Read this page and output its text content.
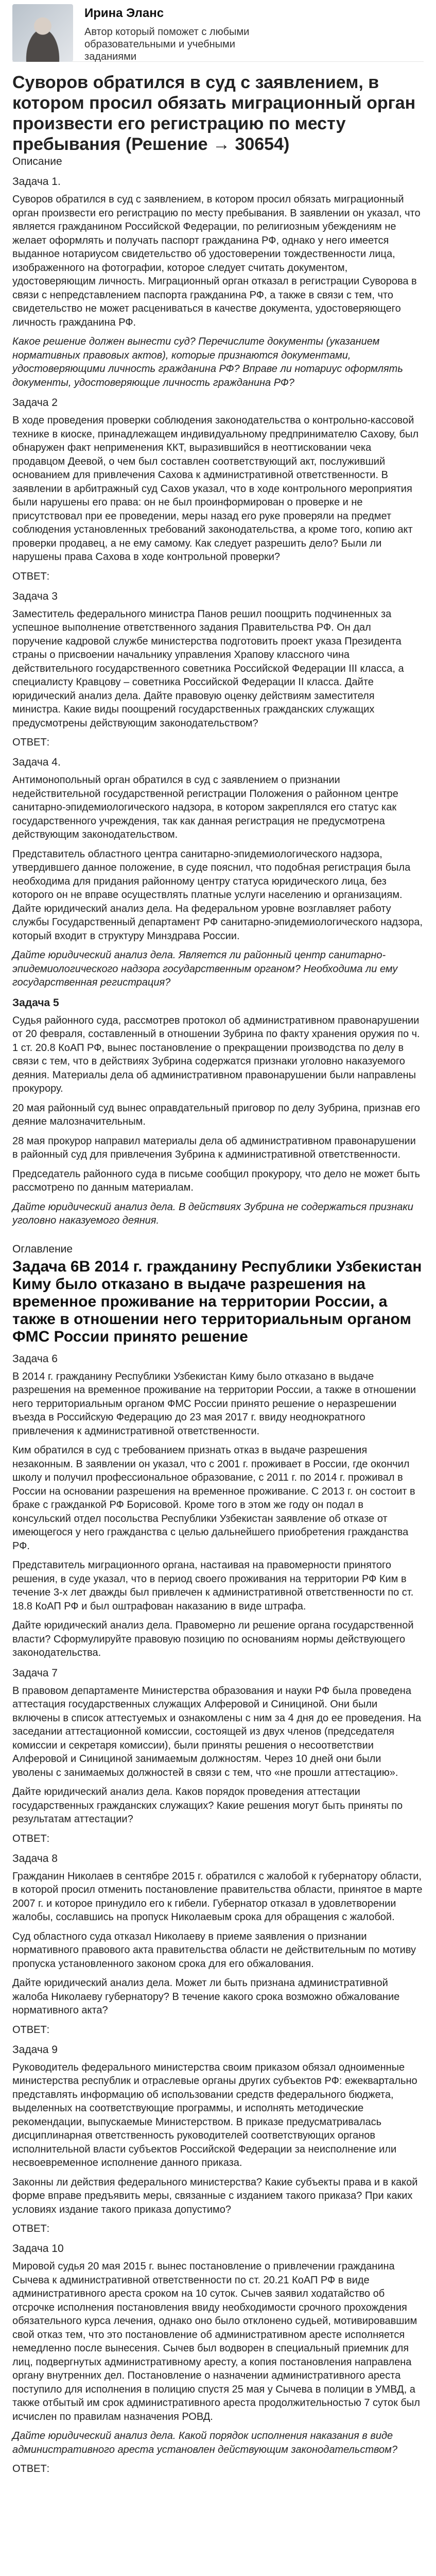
Ирина Эланс
Автор который поможет с любыми образовательными и учебными заданиями
Суворов обратился в суд с заявлением, в котором просил обязать миграционный орган произвести его регистрацию по месту пребывания (Решение → 30654)
Описание
Задача 1.

Суворов обратился в суд с заявлением, в котором просил обязать миграционный орган произвести его регистрацию по месту пребывания. В заявлении он указал, что является гражданином Российской Федерации, по религиозным убеждениям не желает оформлять и получать паспорт гражданина РФ, однако у него имеется выданное нотариусом свидетельство об удостоверении тождественности лица, изображенного на фотографии, которое следует считать документом, удостоверяющим личность. Миграционный орган отказал в регистрации Суворова в связи с непредставлением паспорта гражданина РФ, а также в связи с тем, что свидетельство не может расцениваться в качестве документа, удостоверяющего личность гражданина РФ.

Какое решение должен вынести суд? Перечислите документы (указанием нормативных правовых актов), которые признаются документами, удостоверяющими личность гражданина РФ? Вправе ли нотариус оформлять документы, удостоверяющие личность гражданина РФ?

Задача 2

В ходе проведения проверки соблюдения законодательства о контрольно-кассовой технике в киоске, принадлежащем индивидуальному предпринимателю Сахову, был обнаружен факт неприменения ККТ, выразившийся в неоттисковании чека продавцом Деевой, о чем был составлен соответствующий акт, послуживший основанием для привлечения Сахова к административной ответственности. В заявлении в арбитражный суд Сахов указал, что в ходе контрольного мероприятия были нарушены его права: он не был проинформирован о проверке и не присутствовал при ее проведении, меры назад его руке проверяли на предмет соблюдения установленных требований законодательства, а кроме того, копию акт проверки продавец, а не ему самому. Как следует разрешить дело? Были ли нарушены права Сахова в ходе контрольной проверки?

ОТВЕТ:
Задача 3

Заместитель федерального министра Панов решил поощрить подчиненных за успешное выполнение ответственного задания Правительства РФ. Он дал поручение кадровой службе министерства подготовить проект указа Президента страны о присвоении начальнику управления Храпову классного чина действительного государственного советника Российской Федерации III класса, а специалисту Кравцову – советника Российской Федерации II класса. Дайте юридический анализ дела. Дайте правовую оценку действиям заместителя министра. Какие виды поощрений государственных гражданских служащих предусмотрены действующим законодательством?

ОТВЕТ:
Задача 4.

Антимонопольный орган обратился в суд с заявлением о признании недействительной государственной регистрации Положения о районном центре санитарно-эпидемиологического надзора, в котором закреплялся его статус как государственного учреждения, так как данная регистрация не предусмотрена действующим законодательством.

Представитель областного центра санитарно-эпидемиологического надзора, утвердившего данное положение, в суде пояснил, что подобная регистрация была необходима для придания районному центру статуса юридического лица, без которого он не вправе осуществлять платные услуги населению и организациям. Дайте юридический анализ дела. На федеральном уровне возглавляет работу службы Государственный департамент РФ санитарно-эпидемиологического надзора, который входит в структуру Минздрава России.

Дайте юридический анализ дела. Является ли районный центр санитарно-эпидемиологического надзора государственным органом? Необходима ли ему государственная регистрация?

Задача 5

Судья районного суда, рассмотрев протокол об административном правонарушении от 20 февраля, составленный в отношении Зубрина по факту хранения оружия по ч. 1 ст. 20.8 КоАП РФ, вынес постановление о прекращении производства по делу в связи с тем, что в действиях Зубрина содержатся признаки уголовно наказуемого деяния. Материалы дела об административном правонарушении были направлены прокурору.

20 мая районный суд вынес оправдательный приговор по делу Зубрина, признав его деяние малозначительным.

28 мая прокурор направил материалы дела об административном правонарушении в районный суд для привлечения Зубрина к административной ответственности.

Председатель районного суда в письме сообщил прокурору, что дело не может быть рассмотрено по данным материалам.

Дайте юридический анализ дела. В действиях Зубрина не содержаться признаки уголовно наказуемого деяния.

Оглавление
Задача 6В 2014 г. гражданину Республики Узбекистан Киму было отказано в выдаче разрешения на временное проживание на территории России, а также в отношении него территориальным органом ФМС России принято решение
Задача 6

В 2014 г. гражданину Республики Узбекистан Киму было отказано в выдаче разрешения на временное проживание на территории России, а также в отношении него территориальным органом ФМС России принято решение о неразрешении въезда в Российскую Федерацию до 23 мая 2017 г. ввиду неоднократного привлечения к административной ответственности.

Ким обратился в суд с требованием признать отказ в выдаче разрешения незаконным. В заявлении он указал, что с 2001 г. проживает в России, где окончил школу и получил профессиональное образование, с 2011 г. по 2014 г. проживал в России на основании разрешения на временное проживание. С 2013 г. он состоит в браке с гражданкой РФ Борисовой. Кроме того в этом же году он подал в консульский отдел посольства Республики Узбекистан заявление об отказе от имеющегося у него гражданства с целью дальнейшего приобретения гражданства РФ.

Представитель миграционного органа, настаивая на правомерности принятого решения, в суде указал, что в период своего проживания на территории РФ Ким в течение 3-х лет дважды был привлечен к административной ответственности по ст. 18.8 КоАП РФ и был оштрафован наказанию в виде штрафа.

Дайте юридический анализ дела. Правомерно ли решение органа государственной власти? Сформулируйте правовую позицию по основаниям нормы действующего законодательства.

Задача 7

В правовом департаменте Министерства образования и науки РФ была проведена аттестация государственных служащих Алферовой и Синициной. Они были включены в список аттестуемых и ознакомлены с ним за 4 дня до ее проведения. На заседании аттестационной комиссии, состоящей из двух членов (председателя комиссии и секретаря комиссии), были приняты решения о несоответствии Алферовой и Синициной занимаемым должностям. Через 10 дней они были уволены с занимаемых должностей в связи с тем, что «не прошли аттестацию».

Дайте юридический анализ дела. Каков порядок проведения аттестации государственных гражданских служащих? Какие решения могут быть приняты по результатам аттестации?

ОТВЕТ:
Задача 8

Гражданин Николаев в сентябре 2015 г. обратился с жалобой к губернатору области, в которой просил отменить постановление правительства области, принятое в марте 2007 г. и которое принудило его к гибели. Губернатор отказал в удовлетворении жалобы, сославшись на пропуск Николаевым срока для обращения с жалобой.

Суд областного суда отказал Николаеву в приеме заявления о признании нормативного правового акта правительства области не действительным по мотиву пропуска установленного законом срока для его обжалования.

Дайте юридический анализ дела. Может ли быть признана административной жалоба Николаеву губернатору? В течение какого срока возможно обжалование нормативного акта?

ОТВЕТ:
Задача 9

Руководитель федерального министерства своим приказом обязал одноименные министерства республик и отраслевые органы других субъектов РФ: ежеквартально представлять информацию об использовании средств федерального бюджета, выделенных на соответствующие программы, и исполнять методические рекомендации, выпускаемые Министерством. В приказе предусматривалась дисциплинарная ответственность руководителей соответствующих органов исполнительной власти субъектов Российской Федерации за неисполнение или несвоевременное исполнение данного приказа.

Законны ли действия федерального министерства? Какие субъекты права и в какой форме вправе предъявить меры, связанные с изданием такого приказа? При каких условиях издание такого приказа допустимо?

ОТВЕТ:
Задача 10

Мировой судья 20 мая 2015 г. вынес постановление о привлечении гражданина Сычева к административной ответственности по ст. 20.21 КоАП РФ в виде административного ареста сроком на 10 суток. Сычев заявил ходатайство об отсрочке исполнения постановления ввиду необходимости срочного прохождения обязательного курса лечения, однако оно было отклонено судьей, мотивировавшим свой отказ тем, что это постановление об административном аресте исполняется немедленно после вынесения. Сычев был водворен в специальный приемник для лиц, подвергнутых административному аресту, а копия постановления направлена органу внутренних дел. Постановление о назначении административного ареста поступило для исполнения в полицию спустя 25 мая у Сычева в полиции в УМВД, а также отбытый им срок административного ареста продолжительностью 7 суток был исчислен по правилам назначения РОВД.

Дайте юридический анализ дела. Какой порядок исполнения наказания в виде административного ареста установлен действующим законодательством?

ОТВЕТ:
